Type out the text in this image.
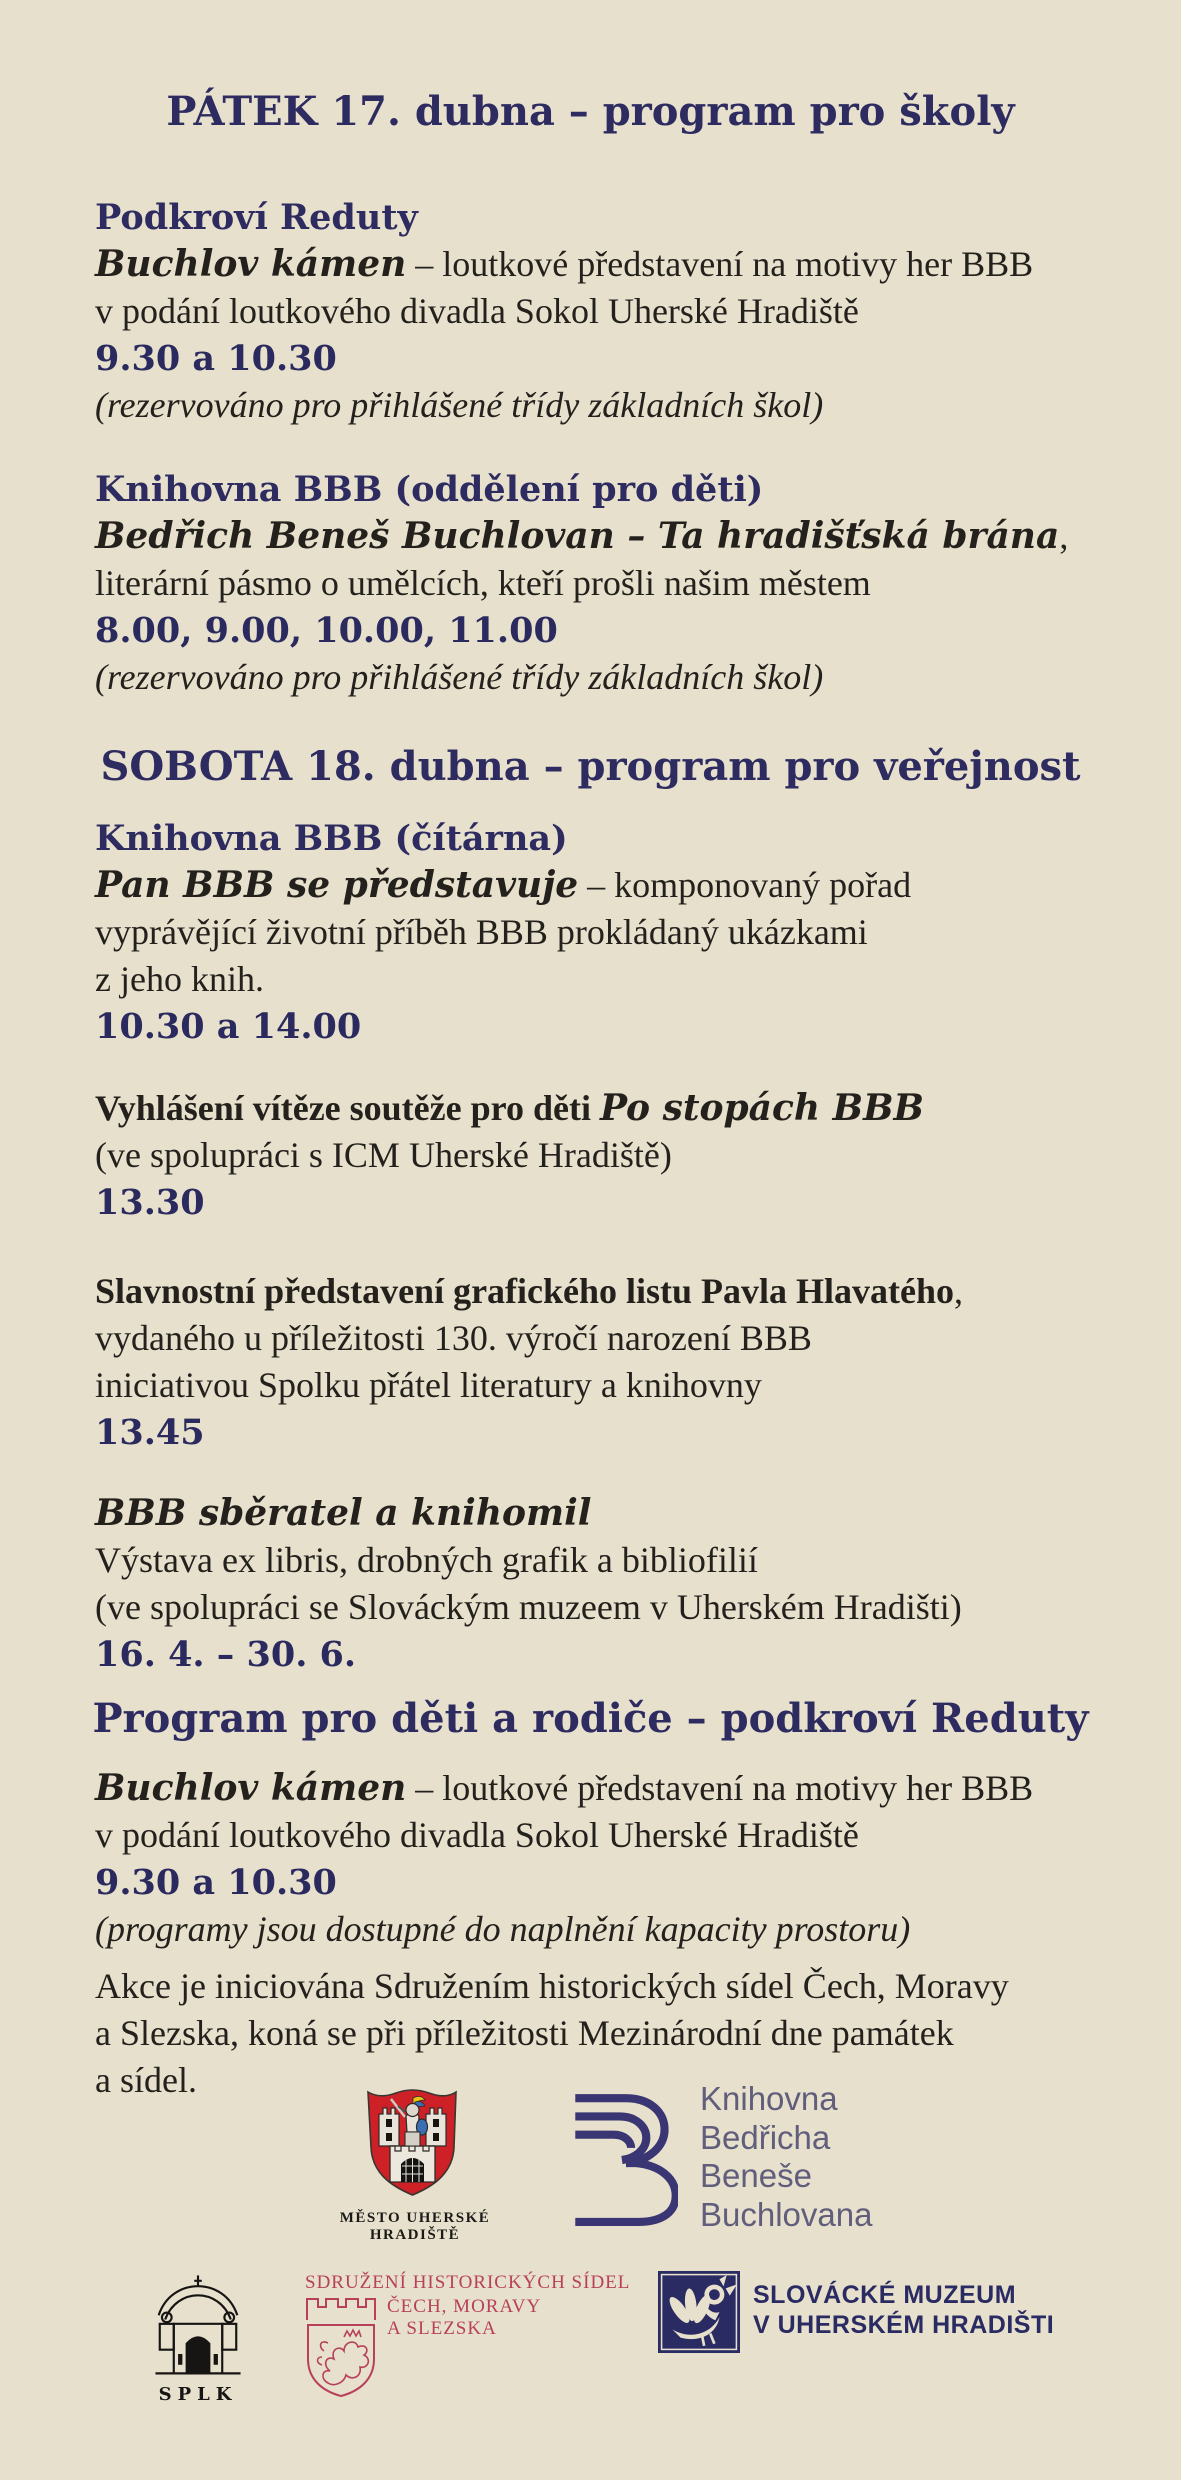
PÁTEK 17. dubna – program pro školy

Podkroví Reduty

Buchlov kámen – loutkové představení na motivy her BBB

v podání loutkového divadla Sokol Uherské Hradiště

9.30 a 10.30

(rezervováno pro přihlášené třídy základních škol)

Knihovna BBB (oddělení pro děti)

Bedřich Beneš Buchlovan – Ta hradišťská brána,

literární pásmo o umělcích, kteří prošli našim městem

8.00, 9.00, 10.00, 11.00

(rezervováno pro přihlášené třídy základních škol)

SOBOTA 18. dubna – program pro veřejnost

Knihovna BBB (čítárna)

Pan BBB se představuje – komponovaný pořad

vyprávějící životní příběh BBB prokládaný ukázkami

z jeho knih.

10.30 a 14.00

Vyhlášení vítěze soutěže pro děti Po stopách BBB

(ve spolupráci s ICM Uherské Hradiště)

13.30

Slavnostní představení grafického listu Pavla Hlavatého,

vydaného u příležitosti 130. výročí narození BBB

iniciativou Spolku přátel literatury a knihovny

13.45

BBB sběratel a knihomil

Výstava ex libris, drobných grafik a bibliofilií

(ve spolupráci se Slováckým muzeem v Uherském Hradišti)

16. 4. – 30. 6.

Program pro děti a rodiče – podkroví Reduty

Buchlov kámen – loutkové představení na motivy her BBB

v podání loutkového divadla Sokol Uherské Hradiště

9.30 a 10.30

(programy jsou dostupné do naplnění kapacity prostoru)

Akce je iniciována Sdružením historických sídel Čech, Moravy

a Slezska, koná se při příležitosti Mezinárodní dne památek

a sídel.

MĚSTO UHERSKÉ HRADIŠTĚ
Knihovna
Bedřicha
Beneše
Buchlovana
SPLK
SDRUŽENÍ HISTORICKÝCH SÍDEL
ČECH, MORAVY
A SLEZSKA
SLOVÁCKÉ MUZEUM
V UHERSKÉM HRADIŠTI
